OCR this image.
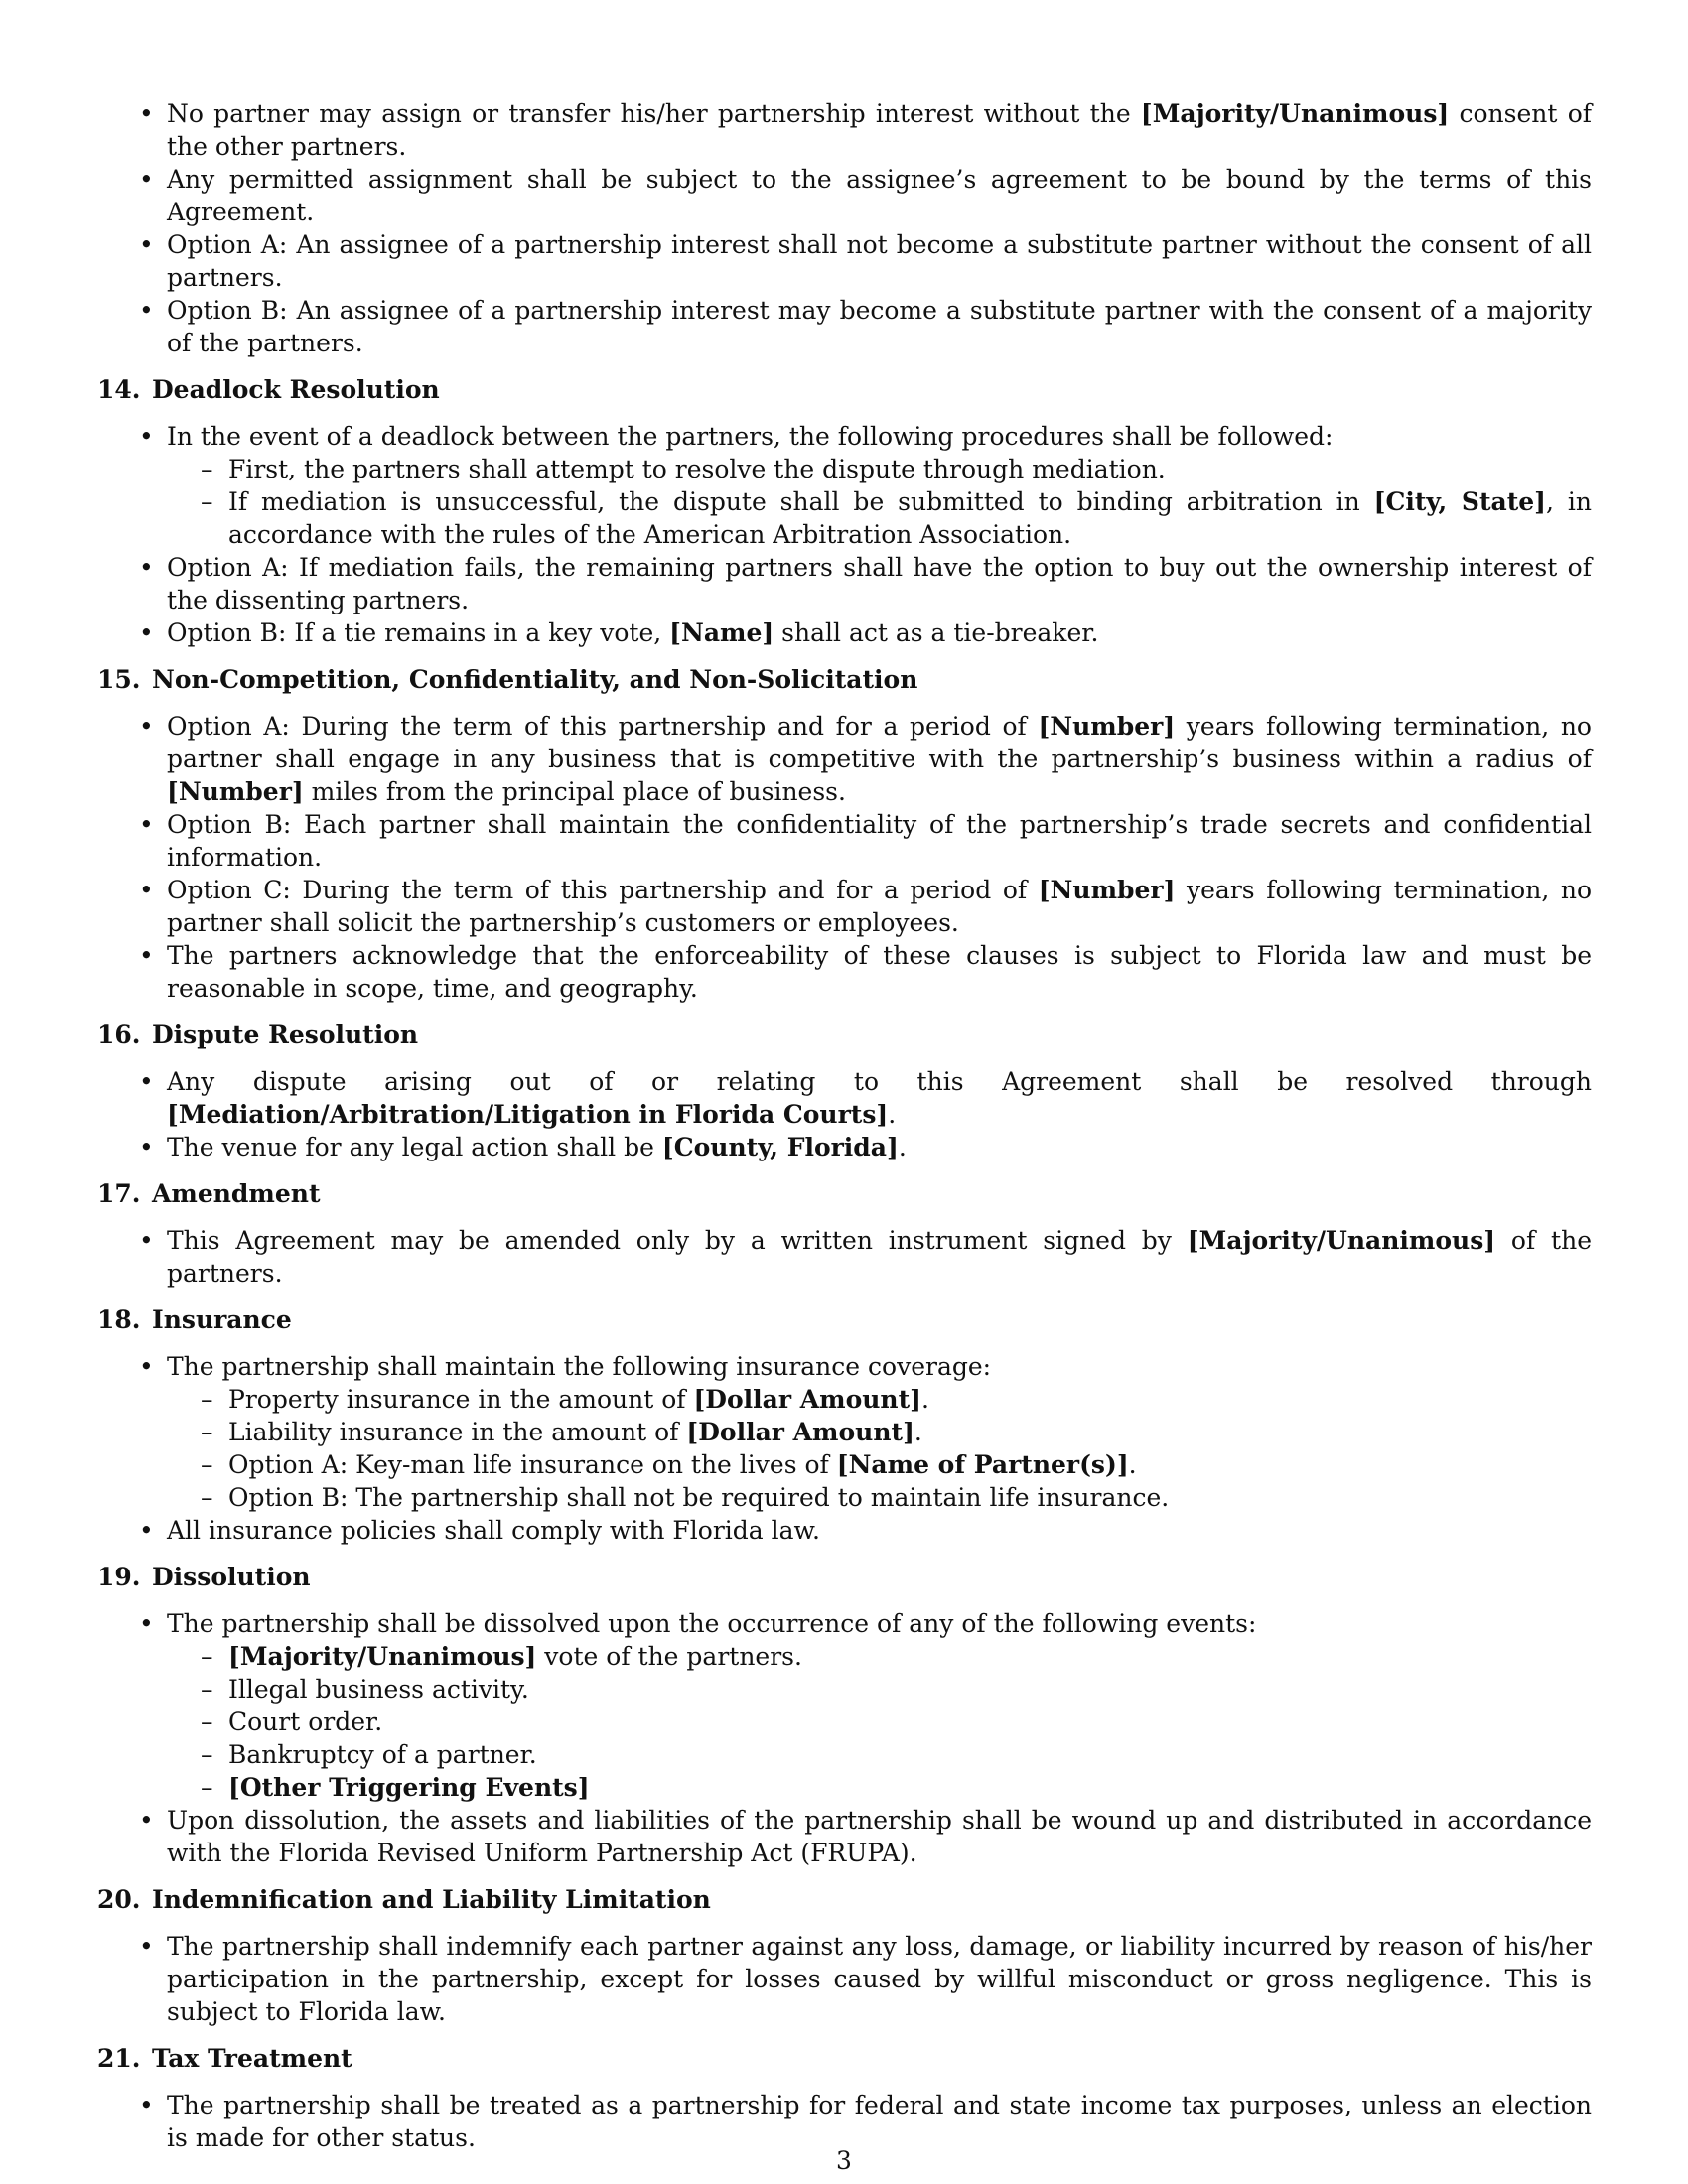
• No partner may assign or transfer his/her partnership interest without the [Majority/Unanimous] consent of the other partners.
• Any permitted assignment shall be subject to the assignee’s agreement to be bound by the terms of this Agreement.
• Option A: An assignee of a partnership interest shall not become a substitute partner without the consent of all partners.
• Option B: An assignee of a partnership interest may become a substitute partner with the consent of a majority of the partners.
14. Deadlock Resolution
• In the event of a deadlock between the partners, the following procedures shall be followed:
– First, the partners shall attempt to resolve the dispute through mediation.
– If mediation is unsuccessful, the dispute shall be submitted to binding arbitration in [City, State], in accordance with the rules of the American Arbitration Association.
• Option A: If mediation fails, the remaining partners shall have the option to buy out the ownership interest of the dissenting partners.
• Option B: If a tie remains in a key vote, [Name] shall act as a tie-breaker.
15. Non-Competition, Confidentiality, and Non-Solicitation
• Option A: During the term of this partnership and for a period of [Number] years following termination, no partner shall engage in any business that is competitive with the partnership’s business within a radius of [Number] miles from the principal place of business.
• Option B: Each partner shall maintain the confidentiality of the partnership’s trade secrets and confidential information.
• Option C: During the term of this partnership and for a period of [Number] years following termination, no partner shall solicit the partnership’s customers or employees.
• The partners acknowledge that the enforceability of these clauses is subject to Florida law and must be reasonable in scope, time, and geography.
16. Dispute Resolution
• Any dispute arising out of or relating to this Agreement shall be resolved through [Mediation/Arbitration/Litigation in Florida Courts].
• The venue for any legal action shall be [County, Florida].
17. Amendment
• This Agreement may be amended only by a written instrument signed by [Majority/Unanimous] of the partners.
18. Insurance
• The partnership shall maintain the following insurance coverage:
– Property insurance in the amount of [Dollar Amount].
– Liability insurance in the amount of [Dollar Amount].
– Option A: Key-man life insurance on the lives of [Name of Partner(s)].
– Option B: The partnership shall not be required to maintain life insurance.
• All insurance policies shall comply with Florida law.
19. Dissolution
• The partnership shall be dissolved upon the occurrence of any of the following events:
– [Majority/Unanimous] vote of the partners.
– Illegal business activity.
– Court order.
– Bankruptcy of a partner.
– [Other Triggering Events]
• Upon dissolution, the assets and liabilities of the partnership shall be wound up and distributed in accordance with the Florida Revised Uniform Partnership Act (FRUPA).
20. Indemnification and Liability Limitation
• The partnership shall indemnify each partner against any loss, damage, or liability incurred by reason of his/her participation in the partnership, except for losses caused by willful misconduct or gross negligence. This is subject to Florida law.
21. Tax Treatment
• The partnership shall be treated as a partnership for federal and state income tax purposes, unless an election is made for other status.
3
